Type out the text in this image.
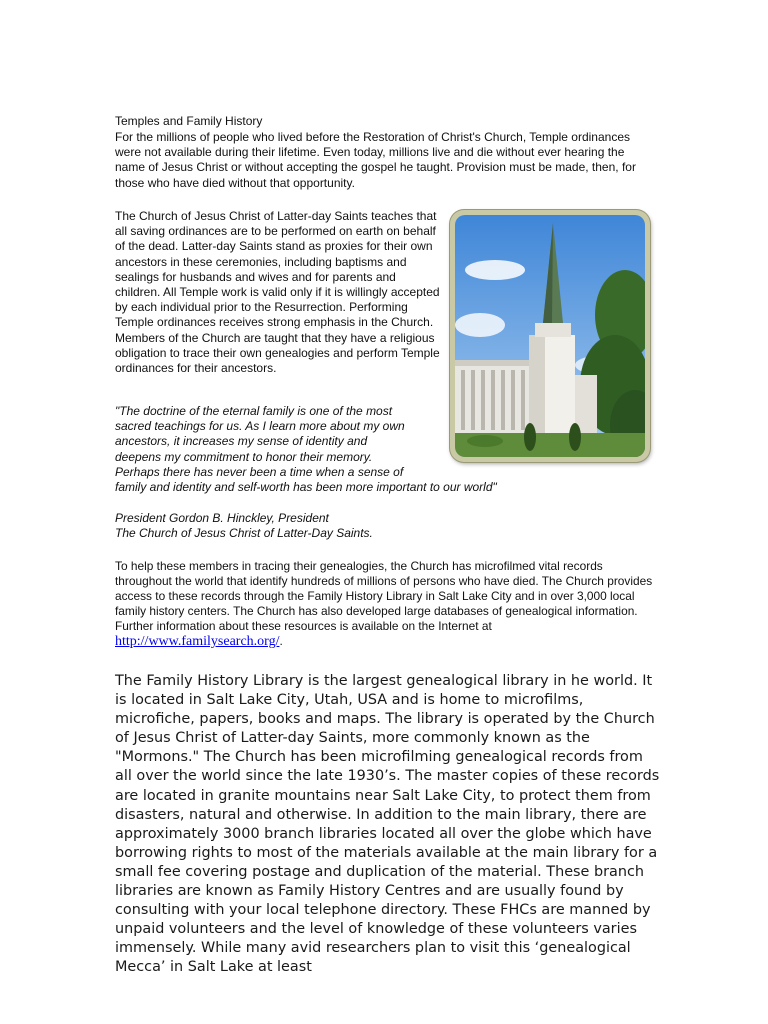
Temples and Family History

For the millions of people who lived before the Restoration of Christ's Church, Temple ordinances were not available during their lifetime. Even today, millions live and die without ever hearing the name of Jesus Christ or without accepting the gospel he taught. Provision must be made, then, for those who have died without that opportunity.

The Church of Jesus Christ of Latter-day Saints teaches that all saving ordinances are to be performed on earth on behalf of the dead. Latter-day Saints stand as proxies for their own ancestors in these ceremonies, including baptisms and sealings for husbands and wives and for parents and children. All Temple work is valid only if it is willingly accepted by each individual prior to the Resurrection. Performing Temple ordinances receives strong emphasis in the Church. Members of the Church are taught that they have a religious obligation to trace their own genealogies and perform Temple ordinances for their ancestors.

"The doctrine of the eternal family is one of the most
sacred teachings for us. As I learn more about my own
ancestors, it increases my sense of identity and
deepens my commitment to honor their memory.
Perhaps there has never been a time when a sense of
family and identity and self-worth has been more important to our world"
President Gordon B. Hinckley, President
The Church of Jesus Christ of Latter-Day Saints.

To help these members in tracing their genealogies, the Church has microfilmed vital records throughout the world that identify hundreds of millions of persons who have died. The Church provides access to these records through the Family History Library in Salt Lake City and in over 3,000 local family history centers. The Church has also developed large databases of genealogical information. Further information about these resources is available on the Internet at http://www.familysearch.org/.

The Family History Library is the largest genealogical library in he world. It is located in Salt Lake City, Utah, USA and is home to microfilms, microfiche, papers, books and maps. The library is operated by the Church of Jesus Christ of Latter-day Saints, more commonly known as the "Mormons." The Church has been microfilming genealogical records from all over the world since the late 1930’s. The master copies of these records are located in granite mountains near Salt Lake City, to protect them from disasters, natural and otherwise. In addition to the main library, there are approximately 3000 branch libraries located all over the globe which have borrowing rights to most of the materials available at the main library for a small fee covering postage and duplication of the material. These branch libraries are known as Family History Centres and are usually found by consulting with your local telephone directory. These FHCs are manned by unpaid volunteers and the level of knowledge of these volunteers varies immensely. While many avid researchers plan to visit this ‘genealogical Mecca’ in Salt Lake at least
